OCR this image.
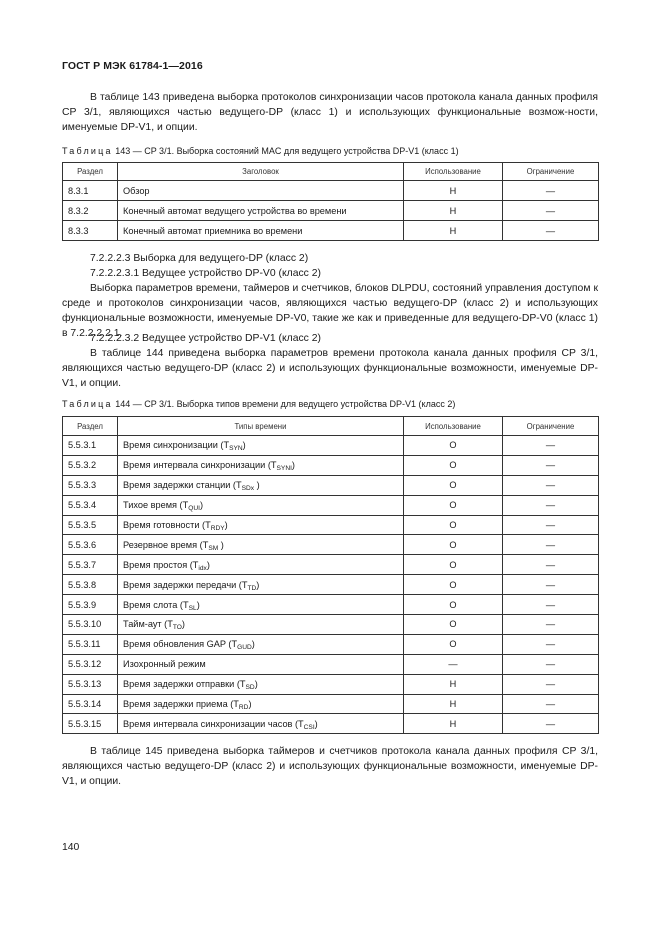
ГОСТ Р МЭК 61784-1—2016

В таблице 143 приведена выборка протоколов синхронизации часов протокола канала данных профиля CP 3/1, являющихся частью ведущего-DP (класс 1) и использующих функциональные возмож-ности, именуемые DP-V1, и опции.

Таблица 143 — CP 3/1. Выборка состояний MAC для ведущего устройства DP-V1 (класс 1)
Раздел	Заголовок	Использование	Ограничение
8.3.1	Обзор	Н	—
8.3.2	Конечный автомат ведущего устройства во времени	Н	—
8.3.3	Конечный автомат приемника во времени	Н	—
7.2.2.2.3 Выборка для ведущего-DP (класс 2)
7.2.2.2.3.1 Ведущее устройство DP-V0 (класс 2)

Выборка параметров времени, таймеров и счетчиков, блоков DLPDU, состояний управления доступом к среде и протоколов синхронизации часов, являющихся частью ведущего-DP (класс 2) и использующих функциональные возможности, именуемые DP-V0, такие же как и приведенные для ведущего-DP-V0 (класс 1) в 7.2.2.2.2.1.

7.2.2.2.3.2 Ведущее устройство DP-V1 (класс 2)

В таблице 144 приведена выборка параметров времени протокола канала данных профиля CP 3/1, являющихся частью ведущего-DP (класс 2) и использующих функциональные возможности, именуемые DP-V1, и опции.

Таблица 144 — CP 3/1. Выборка типов времени для ведущего устройства DP-V1 (класс 2)
Раздел	Типы времени	Использование	Ограничение
5.5.3.1	Время синхронизации $(T_{SYN})$	О	—
5.5.3.2	Время интервала синхронизации $(T_{SYNI})$	О	—
5.5.3.3	Время задержки станции ($T_{SDx}$ )	О	—
5.5.3.4	Тихое время $(T_{QUI})$	О	—
5.5.3.5	Время готовности $(T_{RDY})$	О	—
5.5.3.6	Резервное время ($T_{SM}$ )	О	—
5.5.3.7	Время простоя $(T_{idx})$	О	—
5.5.3.8	Время задержки передачи $(T_{TD})$	О	—
5.5.3.9	Время слота $(T_{SL})$	О	—
5.5.3.10	Тайм-аут $(T_{TO})$	О	—
5.5.3.11	Время обновления GAP $(T_{GUD})$	О	—
5.5.3.12	Изохронный режим	—	—
5.5.3.13	Время задержки отправки $(T_{SD})$	Н	—
5.5.3.14	Время задержки приема $(T_{RD})$	Н	—
5.5.3.15	Время интервала синхронизации часов $(T_{CSI})$	Н	—

В таблице 145 приведена выборка таймеров и счетчиков протокола канала данных профиля CP 3/1, являющихся частью ведущего-DP (класс 2) и использующих функциональные возможности, именуемые DP-V1, и опции.

140
